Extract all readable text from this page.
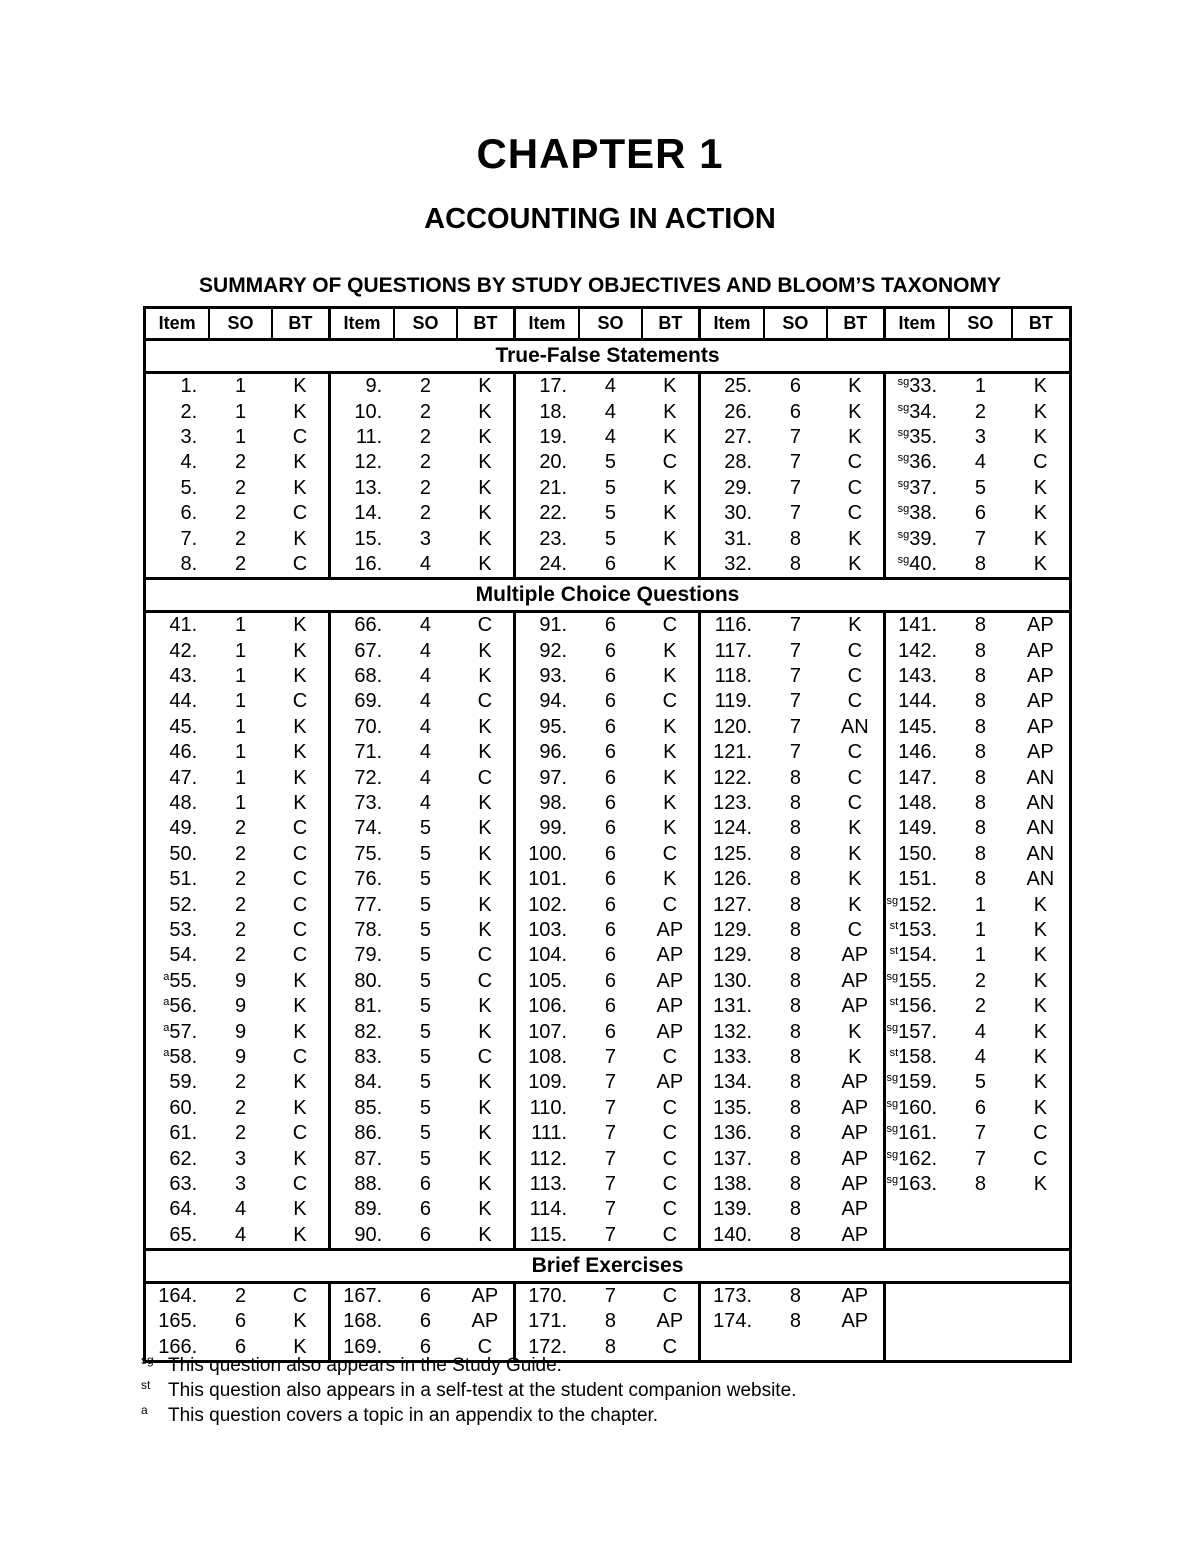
CHAPTER 1
ACCOUNTING IN ACTION
SUMMARY OF QUESTIONS BY STUDY OBJECTIVES AND BLOOM’S TAXONOMY
Item	SO	BT	Item	SO	BT	Item	SO	BT	Item	SO	BT	Item	SO	BT
True-False Statements														
1.	1	K	9.	2	K	17.	4	K	25.	6	K	$^{sg}$33.	1	K
2.	1	K	10.	2	K	18.	4	K	26.	6	K	$^{sg}$34.	2	K
3.	1	C	11.	2	K	19.	4	K	27.	7	K	$^{sg}$35.	3	K
4.	2	K	12.	2	K	20.	5	C	28.	7	C	$^{sg}$36.	4	C
5.	2	K	13.	2	K	21.	5	K	29.	7	C	$^{sg}$37.	5	K
6.	2	C	14.	2	K	22.	5	K	30.	7	C	$^{sg}$38.	6	K
7.	2	K	15.	3	K	23.	5	K	31.	8	K	$^{sg}$39.	7	K
8.	2	C	16.	4	K	24.	6	K	32.	8	K	$^{sg}$40.	8	K
Multiple Choice Questions														
41.	1	K	66.	4	C	91.	6	C	116.	7	K	141.	8	AP
42.	1	K	67.	4	K	92.	6	K	117.	7	C	142.	8	AP
43.	1	K	68.	4	K	93.	6	K	118.	7	C	143.	8	AP
44.	1	C	69.	4	C	94.	6	C	119.	7	C	144.	8	AP
45.	1	K	70.	4	K	95.	6	K	120.	7	AN	145.	8	AP
46.	1	K	71.	4	K	96.	6	K	121.	7	C	146.	8	AP
47.	1	K	72.	4	C	97.	6	K	122.	8	C	147.	8	AN
48.	1	K	73.	4	K	98.	6	K	123.	8	C	148.	8	AN
49.	2	C	74.	5	K	99.	6	K	124.	8	K	149.	8	AN
50.	2	C	75.	5	K	100.	6	C	125.	8	K	150.	8	AN
51.	2	C	76.	5	K	101.	6	K	126.	8	K	151.	8	AN
52.	2	C	77.	5	K	102.	6	C	127.	8	K	$^{sg}$152.	1	K
53.	2	C	78.	5	K	103.	6	AP	129.	8	C	$^{st}$153.	1	K
54.	2	C	79.	5	C	104.	6	AP	129.	8	AP	$^{st}$154.	1	K
$^a$55.	9	K	80.	5	C	105.	6	AP	130.	8	AP	$^{sg}$155.	2	K
$^a$56.	9	K	81.	5	K	106.	6	AP	131.	8	AP	$^{st}$156.	2	K
$^a$57.	9	K	82.	5	K	107.	6	AP	132.	8	K	$^{sg}$157.	4	K
$^a$58.	9	C	83.	5	C	108.	7	C	133.	8	K	$^{st}$158.	4	K
59.	2	K	84.	5	K	109.	7	AP	134.	8	AP	$^{sg}$159.	5	K
60.	2	K	85.	5	K	110.	7	C	135.	8	AP	$^{sg}$160.	6	K
61.	2	C	86.	5	K	111.	7	C	136.	8	AP	$^{sg}$161.	7	C
62.	3	K	87.	5	K	112.	7	C	137.	8	AP	$^{sg}$162.	7	C
63.	3	C	88.	6	K	113.	7	C	138.	8	AP	$^{sg}$163.	8	K
64.	4	K	89.	6	K	114.	7	C	139.	8	AP			
65.	4	K	90.	6	K	115.	7	C	140.	8	AP			
Brief Exercises														
164.	2	C	167.	6	AP	170.	7	C	173.	8	AP			
165.	6	K	168.	6	AP	171.	8	AP	174.	8	AP			
166.	6	K	169.	6	C	172.	8	C						
$^{sg}$ This question also appears in the Study Guide.
$^{st}$ This question also appears in a self-test at the student companion website.
$^a$ This question covers a topic in an appendix to the chapter.
